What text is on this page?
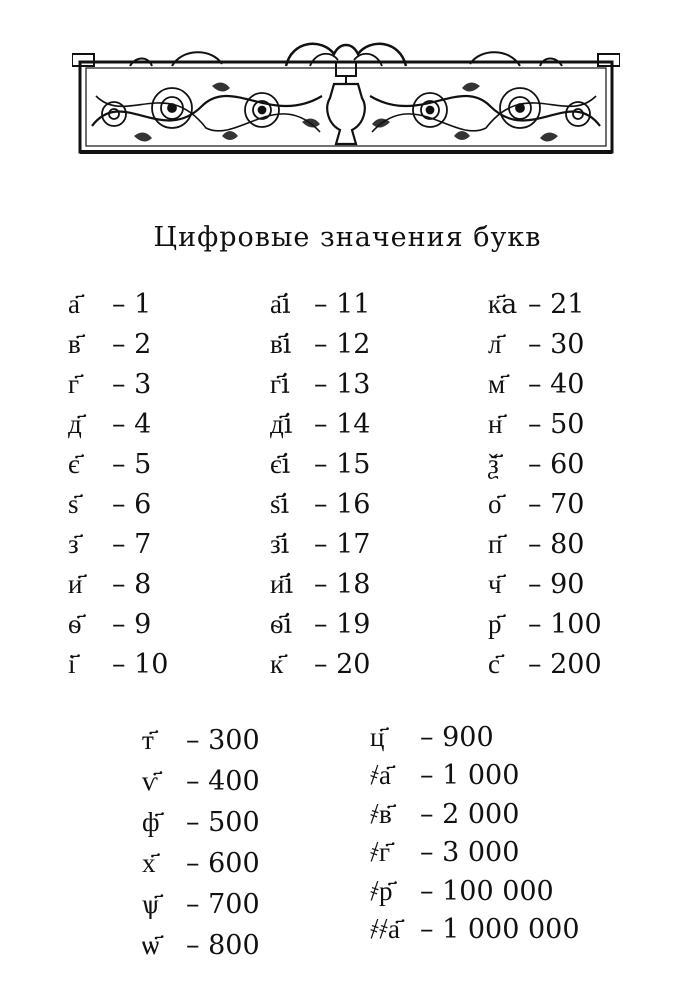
Цифровые значения букв
а҃	– 1
в҃	– 2
г҃	– 3
д҃	– 4
є҃	– 5
ѕ҃	– 6
з҃	– 7
и҃	– 8
ѳ҃	– 9
і҃	– 10
а҃і – 11
в҃і – 12
г҃і – 13
д҃і – 14
є҃і – 15
ѕ҃і – 16
з҃і – 17
и҃і – 18
ѳ҃і – 19
к҃	– 20
к҃а – 21
л҃ – 30
м҃ – 40
н҃ – 50
ѯ҃	– 60
о҃ – 70
п҃ – 80
ч҃ – 90
р҃ – 100
с҃	– 200
т҃	– 300
ѵ҃	– 400
ф҃ – 500
х҃	– 600
ѱ҃	– 700
ѡ҃ – 800
ц҃	– 900
҂а҃	– 1 000
҂в҃	– 2 000
҂г҃	– 3 000
҂р҃	– 100 000
҂҂а҃ – 1 000 000
